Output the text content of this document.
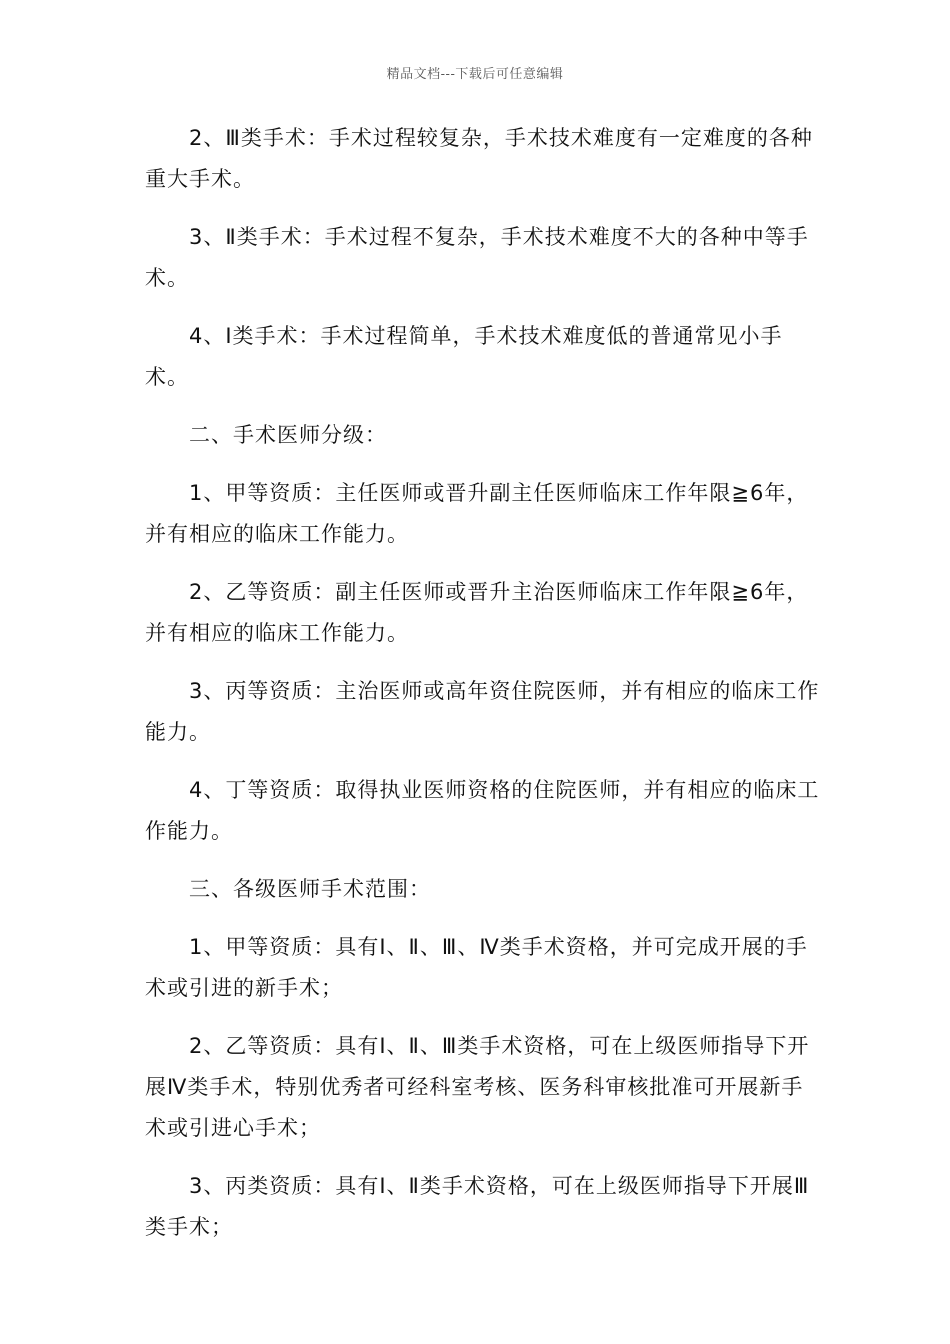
精品文档---下载后可任意编辑

2、Ⅲ类手术：手术过程较复杂，手术技术难度有一定难度的各种重大手术。

3、Ⅱ类手术：手术过程不复杂，手术技术难度不大的各种中等手术。

4、Ⅰ类手术：手术过程简单，手术技术难度低的普通常见小手术。

二、手术医师分级：

1、甲等资质：主任医师或晋升副主任医师临床工作年限≧6年，并有相应的临床工作能力。

2、乙等资质：副主任医师或晋升主治医师临床工作年限≧6年，并有相应的临床工作能力。

3、丙等资质：主治医师或高年资住院医师，并有相应的临床工作能力。

4、丁等资质：取得执业医师资格的住院医师，并有相应的临床工作能力。

三、各级医师手术范围：

1、甲等资质：具有Ⅰ、Ⅱ、Ⅲ、Ⅳ类手术资格，并可完成开展的手术或引进的新手术；

2、乙等资质：具有Ⅰ、Ⅱ、Ⅲ类手术资格，可在上级医师指导下开展Ⅳ类手术，特别优秀者可经科室考核、医务科审核批准可开展新手术或引进心手术；

3、丙类资质：具有Ⅰ、Ⅱ类手术资格，可在上级医师指导下开展Ⅲ类手术；
